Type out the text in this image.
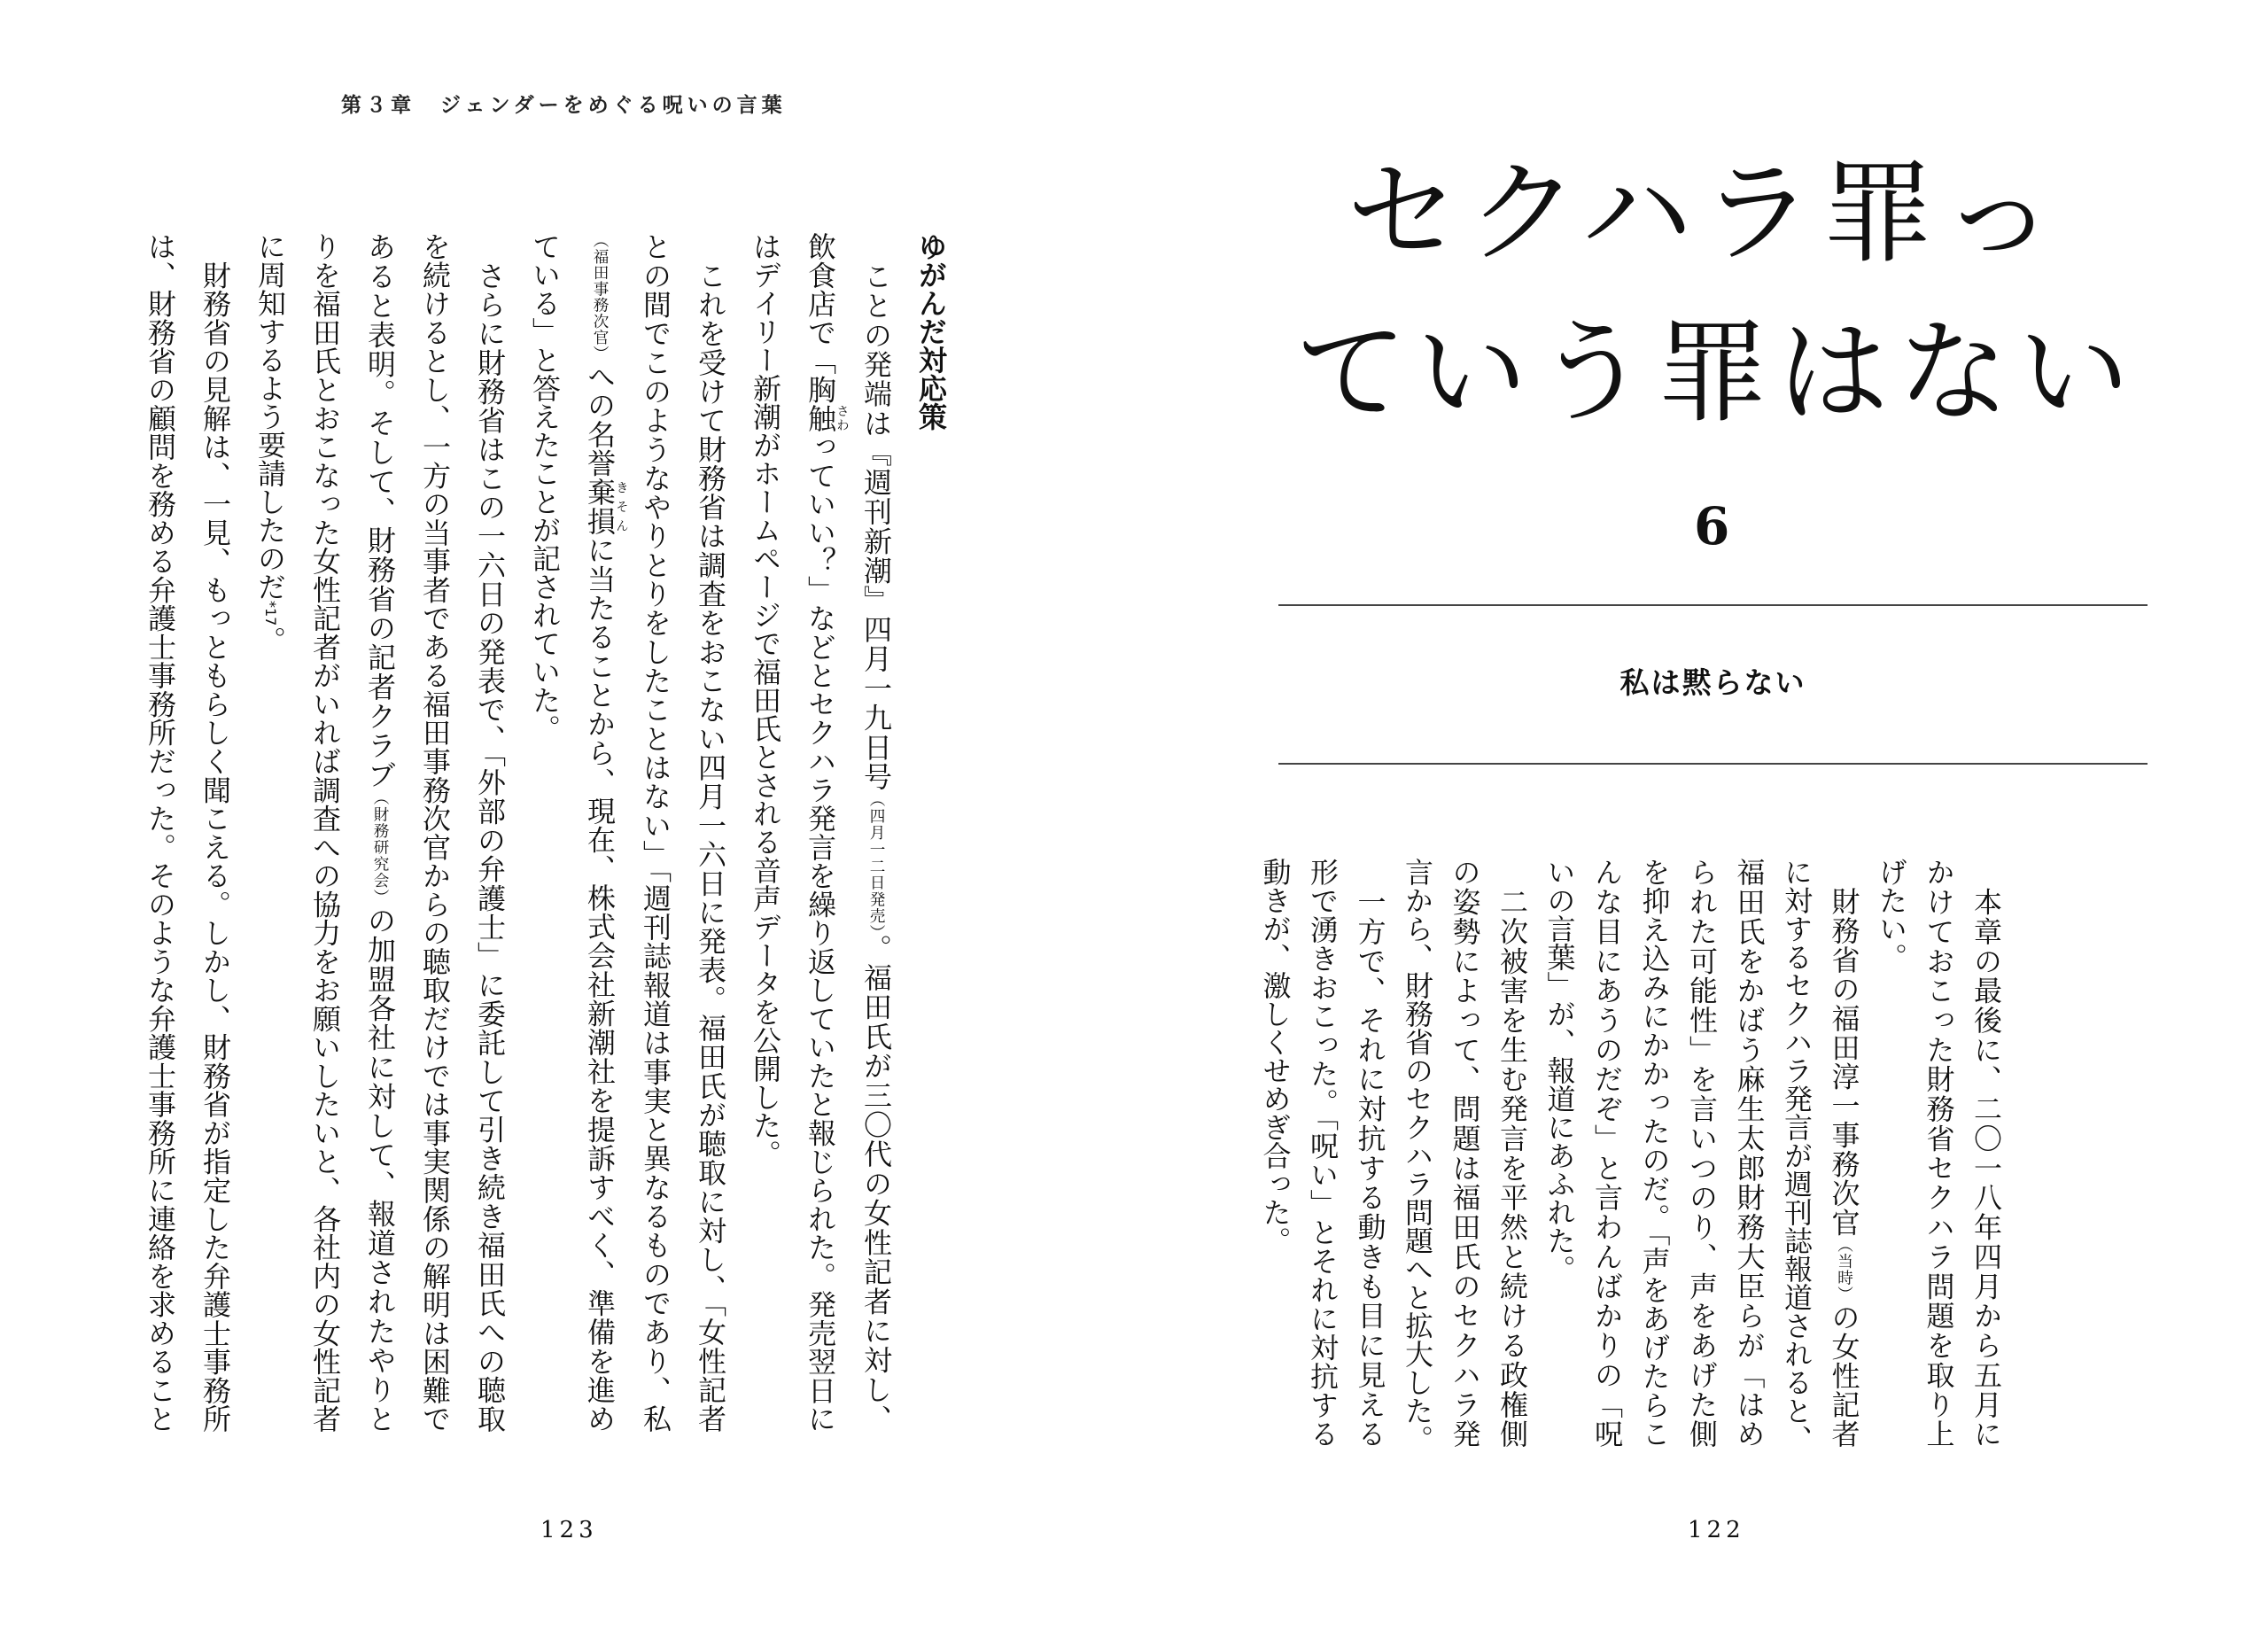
第３章　ジェンダーをめぐる呪いの言葉
ゆがんだ対応策
　ことの発端は『週刊新潮』四月一九日号（四月一二日発売）。福田氏が三〇代の女性記者に対し、
飲食店で「胸触さわっていい？」などとセクハラ発言を繰り返していたと報じられた。発売翌日に
はデイリー新潮がホームページで福田氏とされる音声データを公開した。
　これを受けて財務省は調査をおこない四月一六日に発表。福田氏が聴取に対し、「女性記者
との間でこのようなやりとりをしたことはない」「週刊誌報道は事実と異なるものであり、私
（福田事務次官）への名誉棄損きそんに当たることから、現在、株式会社新潮社を提訴すべく、準備を進め
ている」と答えたことが記されていた。
　さらに財務省はこの一六日の発表で、「外部の弁護士」に委託して引き続き福田氏への聴取
を続けるとし、一方の当事者である福田事務次官からの聴取だけでは事実関係の解明は困難で
あると表明。そして、財務省の記者クラブ（財務研究会）の加盟各社に対して、報道されたやりと
りを福田氏とおこなった女性記者がいれば調査への協力をお願いしたいと、各社内の女性記者
に周知するよう要請したのだ*17。
　財務省の見解は、一見、もっともらしく聞こえる。しかし、財務省が指定した弁護士事務所
は、財務省の顧問を務める弁護士事務所だった。そのような弁護士事務所に連絡を求めること
123
セクハラ罪っ
ていう罪はない
6
私は黙らない
　本章の最後に、二〇一八年四月から五月に
かけておこった財務省セクハラ問題を取り上
げたい。
　財務省の福田淳一事務次官（当時）の女性記者
に対するセクハラ発言が週刊誌報道されると、
福田氏をかばう麻生太郎財務大臣らが「はめ
られた可能性」を言いつのり、声をあげた側
を抑え込みにかかったのだ。「声をあげたらこ
んな目にあうのだぞ」と言わんばかりの「呪
いの言葉」が、報道にあふれた。
　二次被害を生む発言を平然と続ける政権側
の姿勢によって、問題は福田氏のセクハラ発
言から、財務省のセクハラ問題へと拡大した。
　一方で、それに対抗する動きも目に見える
形で湧きおこった。「呪い」とそれに対抗する
動きが、激しくせめぎ合った。
122
